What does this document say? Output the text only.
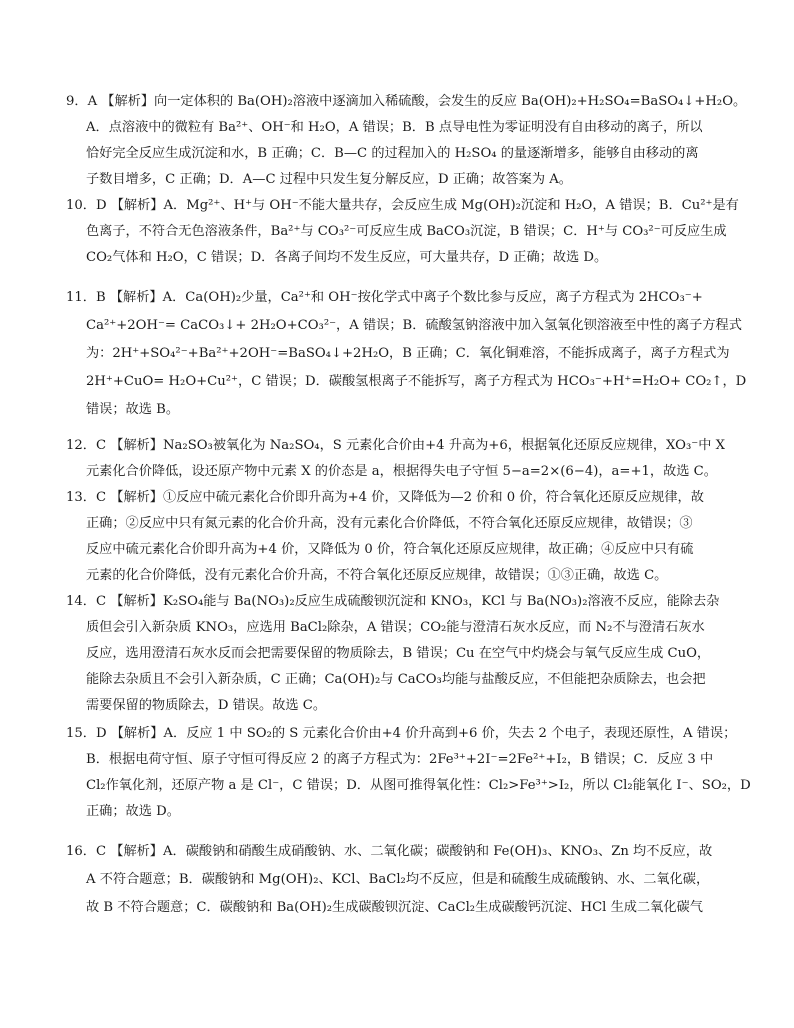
9．A 【解析】向一定体积的 Ba(OH)₂溶液中逐滴加入稀硫酸，会发生的反应 Ba(OH)₂+H₂SO₄=BaSO₄↓+H₂O。
A．点溶液中的微粒有 Ba²⁺、OH⁻和 H₂O，A 错误；B．B 点导电性为零证明没有自由移动的离子，所以
恰好完全反应生成沉淀和水，B 正确；C．B—C 的过程加入的 H₂SO₄ 的量逐渐增多，能够自由移动的离
子数目增多，C 正确；D．A—C 过程中只发生复分解反应，D 正确；故答案为 A。
10．D 【解析】A．Mg²⁺、H⁺与 OH⁻不能大量共存，会反应生成 Mg(OH)₂沉淀和 H₂O，A 错误；B．Cu²⁺是有
色离子，不符合无色溶液条件，Ba²⁺与 CO₃²⁻可反应生成 BaCO₃沉淀，B 错误；C．H⁺与 CO₃²⁻可反应生成
CO₂气体和 H₂O，C 错误；D．各离子间均不发生反应，可大量共存，D 正确；故选 D。
11．B 【解析】A．Ca(OH)₂少量，Ca²⁺和 OH⁻按化学式中离子个数比参与反应，离子方程式为 2HCO₃⁻+
Ca²⁺+2OH⁻= CaCO₃↓+ 2H₂O+CO₃²⁻，A 错误；B．硫酸氢钠溶液中加入氢氧化钡溶液至中性的离子方程式
为：2H⁺+SO₄²⁻+Ba²⁺+2OH⁻=BaSO₄↓+2H₂O，B 正确；C．氧化铜难溶，不能拆成离子，离子方程式为
2H⁺+CuO= H₂O+Cu²⁺，C 错误；D．碳酸氢根离子不能拆写，离子方程式为 HCO₃⁻+H⁺=H₂O+ CO₂↑，D
错误；故选 B。
12．C 【解析】Na₂SO₃被氧化为 Na₂SO₄，S 元素化合价由+4 升高为+6，根据氧化还原反应规律，XO₃⁻中 X
元素化合价降低，设还原产物中元素 X 的价态是 a，根据得失电子守恒 5−a=2×(6−4)，a=+1，故选 C。
13．C 【解析】①反应中硫元素化合价即升高为+4 价，又降低为—2 价和 0 价，符合氧化还原反应规律，故
正确；②反应中只有氮元素的化合价升高，没有元素化合价降低，不符合氧化还原反应规律，故错误；③
反应中硫元素化合价即升高为+4 价，又降低为 0 价，符合氧化还原反应规律，故正确；④反应中只有硫
元素的化合价降低，没有元素化合价升高，不符合氧化还原反应规律，故错误；①③正确，故选 C。
14．C 【解析】K₂SO₄能与 Ba(NO₃)₂反应生成硫酸钡沉淀和 KNO₃，KCl 与 Ba(NO₃)₂溶液不反应，能除去杂
质但会引入新杂质 KNO₃，应选用 BaCl₂除杂，A 错误；CO₂能与澄清石灰水反应，而 N₂不与澄清石灰水
反应，选用澄清石灰水反而会把需要保留的物质除去，B 错误；Cu 在空气中灼烧会与氧气反应生成 CuO，
能除去杂质且不会引入新杂质，C 正确；Ca(OH)₂与 CaCO₃均能与盐酸反应，不但能把杂质除去，也会把
需要保留的物质除去，D 错误。故选 C。
15．D 【解析】A．反应 1 中 SO₂的 S 元素化合价由+4 价升高到+6 价，失去 2 个电子，表现还原性，A 错误；
B．根据电荷守恒、原子守恒可得反应 2 的离子方程式为：2Fe³⁺+2I⁻=2Fe²⁺+I₂，B 错误；C．反应 3 中
Cl₂作氧化剂，还原产物 a 是 Cl⁻，C 错误；D．从图可推得氧化性：Cl₂>Fe³⁺>I₂，所以 Cl₂能氧化 I⁻、SO₂，D
正确；故选 D。
16．C 【解析】A．碳酸钠和硝酸生成硝酸钠、水、二氧化碳；碳酸钠和 Fe(OH)₃、KNO₃、Zn 均不反应，故
A 不符合题意；B．碳酸钠和 Mg(OH)₂、KCl、BaCl₂均不反应，但是和硫酸生成硫酸钠、水、二氧化碳，
故 B 不符合题意；C．碳酸钠和 Ba(OH)₂生成碳酸钡沉淀、CaCl₂生成碳酸钙沉淀、HCl 生成二氧化碳气
